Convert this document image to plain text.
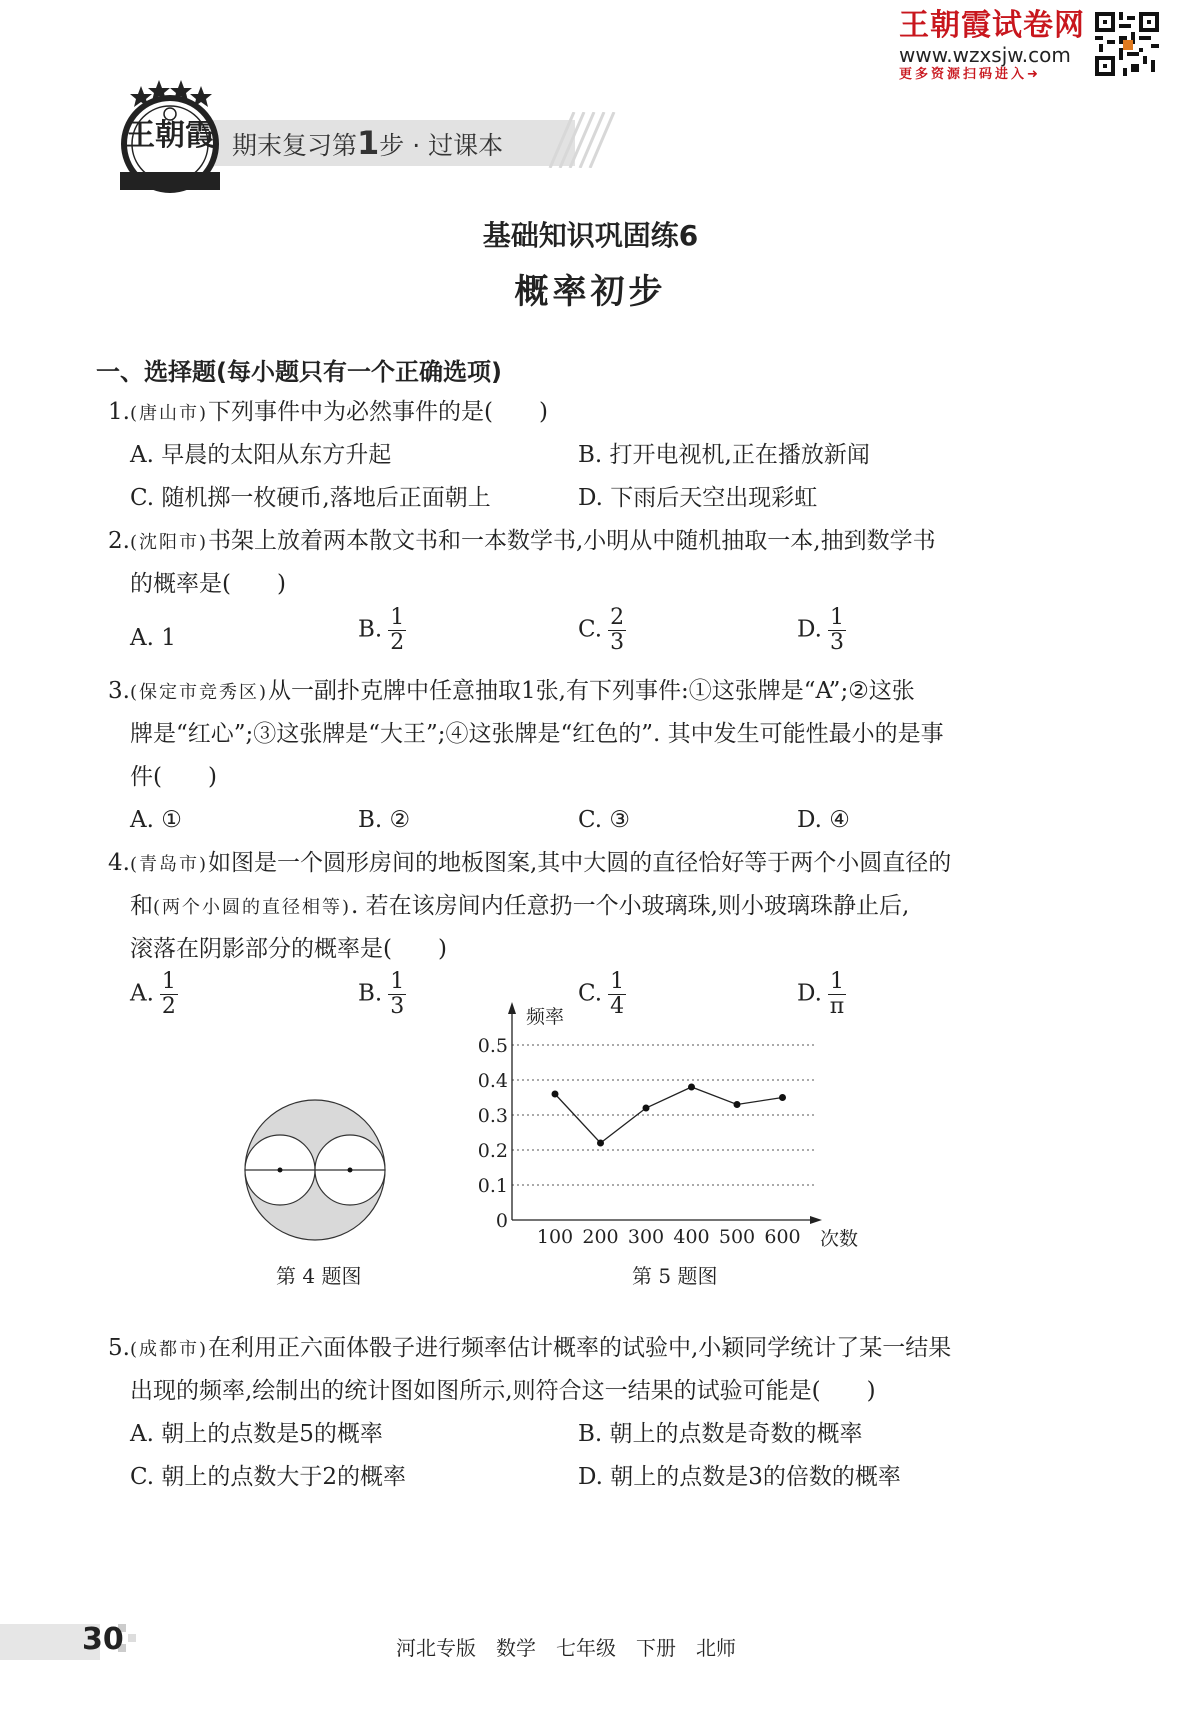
王朝霞试卷网
www.wzxsjw.com
更多资源扫码进入➜
期末复习第1步 · 过课本
王朝霞
基础知识巩固练6
概率初步
一、选择题(每小题只有一个正确选项)
1.(唐山市)下列事件中为必然事件的是(　　)
A. 早晨的太阳从东方升起	B. 打开电视机,正在播放新闻
C. 随机掷一枚硬币,落地后正面朝上	D. 下雨后天空出现彩虹
2.(沈阳市)书架上放着两本散文书和一本数学书,小明从中随机抽取一本,抽到数学书
的概率是(　　)
A. 1	B. $\frac{1}{2}$	C. $\frac{2}{3}$	D. $\frac{1}{3}$
3.(保定市竞秀区)从一副扑克牌中任意抽取1张,有下列事件:①这张牌是“A”;②这张
牌是“红心”;③这张牌是“大王”;④这张牌是“红色的”. 其中发生可能性最小的是事
件(　　)
A. ①	B. ②	C. ③	D. ④
4.(青岛市)如图是一个圆形房间的地板图案,其中大圆的直径恰好等于两个小圆直径的
和(两个小圆的直径相等). 若在该房间内任意扔一个小玻璃珠,则小玻璃珠静止后,
滚落在阴影部分的概率是(　　)
A. $\frac{1}{2}$	B. $\frac{1}{3}$	C. $\frac{1}{4}$	D. $\frac{1}{\pi}$
第 4 题图
频率
次数
0
0.1
0.2
0.3
0.4
0.5
100 200 300 400 500 600
第 5 题图
5.(成都市)在利用正六面体骰子进行频率估计概率的试验中,小颖同学统计了某一结果
出现的频率,绘制出的统计图如图所示,则符合这一结果的试验可能是(　　)
A. 朝上的点数是5的概率	B. 朝上的点数是奇数的概率
C. 朝上的点数大于2的概率	D. 朝上的点数是3的倍数的概率
30	河北专版　数学　七年级　下册　北师
